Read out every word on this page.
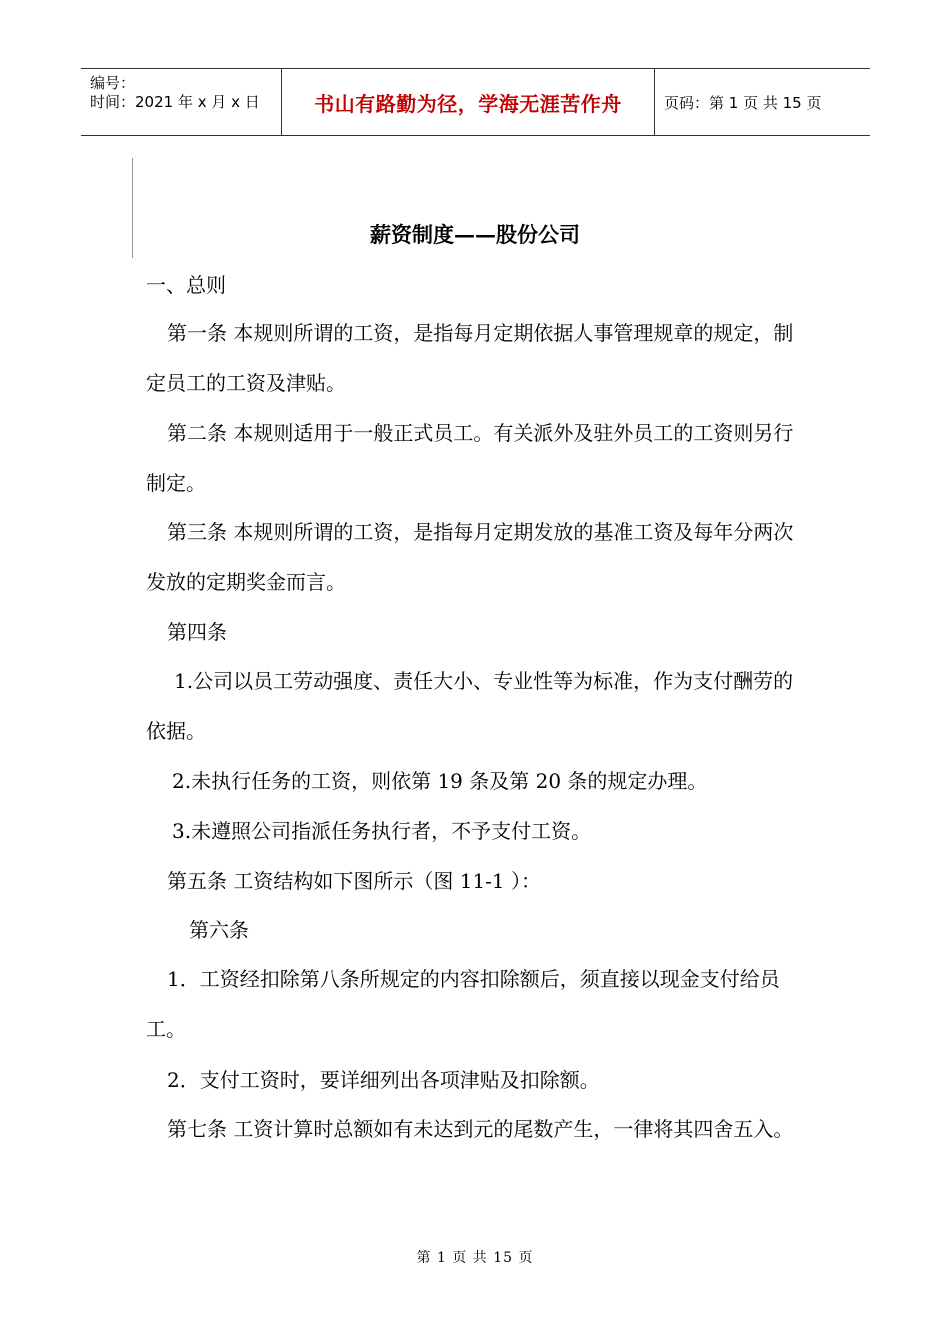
编号：
时间：2021 年 x 月 x 日	书山有路勤为径，学海无涯苦作舟	页码：第 1 页 共 15 页
薪资制度——股份公司
一、总则
第一条 本规则所谓的工资，是指每月定期依据人事管理规章的规定，制定员工的工资及津贴。
第二条 本规则适用于一般正式员工。有关派外及驻外员工的工资则另行制定。
第三条 本规则所谓的工资，是指每月定期发放的基准工资及每年分两次发放的定期奖金而言。
第四条
1.公司以员工劳动强度、责任大小、专业性等为标准，作为支付酬劳的依据。
2.未执行任务的工资，则依第 19 条及第 20 条的规定办理。
3.未遵照公司指派任务执行者，不予支付工资。
第五条 工资结构如下图所示（图 11-1 ）：
第六条
1．工资经扣除第八条所规定的内容扣除额后，须直接以现金支付给员工。
2．支付工资时，要详细列出各项津贴及扣除额。
第七条 工资计算时总额如有未达到元的尾数产生，一律将其四舍五入。
第 1 页 共 15 页
